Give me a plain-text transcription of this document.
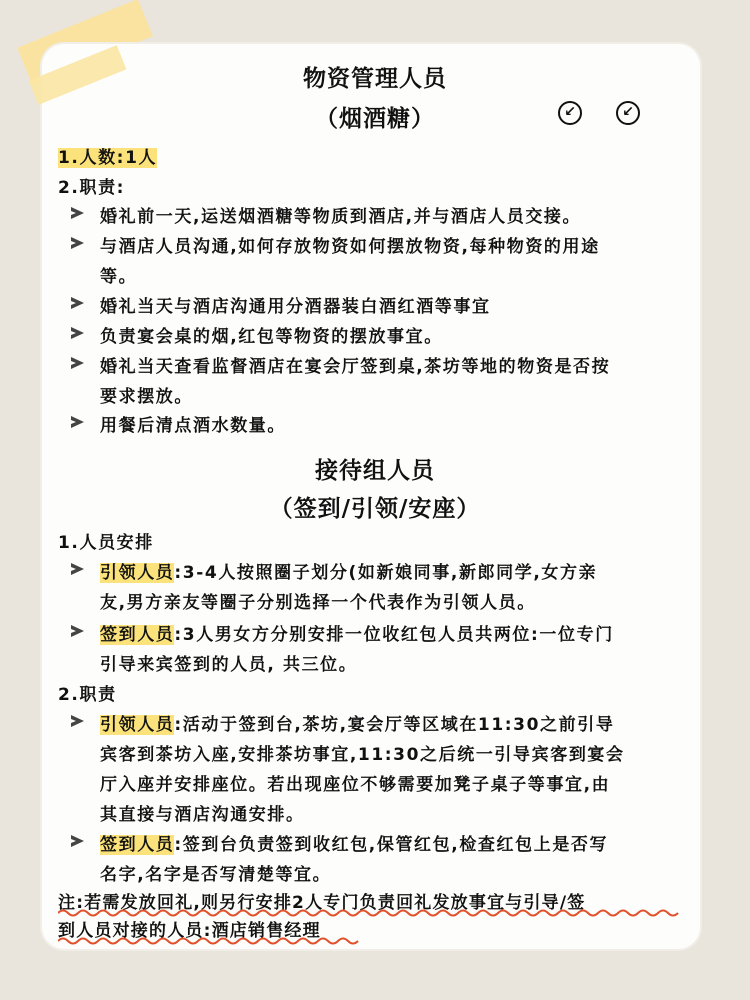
物资管理人员
（烟酒糖）	↙	↙
1.人数:1人
2.职责:
婚礼前一天,运送烟酒糖等物质到酒店,并与酒店人员交接。
与酒店人员沟通,如何存放物资如何摆放物资,每种物资的用途
等。
婚礼当天与酒店沟通用分酒器装白酒红酒等事宜
负责宴会桌的烟,红包等物资的摆放事宜。
婚礼当天查看监督酒店在宴会厅签到桌,茶坊等地的物资是否按
要求摆放。
用餐后清点酒水数量。
接待组人员
（签到/引领/安座）
1.人员安排
引领人员:3-4人按照圈子划分(如新娘同事,新郎同学,女方亲
友,男方亲友等圈子分别选择一个代表作为引领人员。
签到人员:3人男女方分别安排一位收红包人员共两位:一位专门
引导来宾签到的人员, 共三位。
2.职责
引领人员:活动于签到台,茶坊,宴会厅等区域在11:30之前引导
宾客到茶坊入座,安排茶坊事宜,11:30之后统一引导宾客到宴会
厅入座并安排座位。若出现座位不够需要加凳子桌子等事宜,由
其直接与酒店沟通安排。
签到人员:签到台负责签到收红包,保管红包,检查红包上是否写
名字,名字是否写清楚等宜。
注:若需发放回礼,则另行安排2人专门负责回礼发放事宜与引导/签
到人员对接的人员:酒店销售经理
